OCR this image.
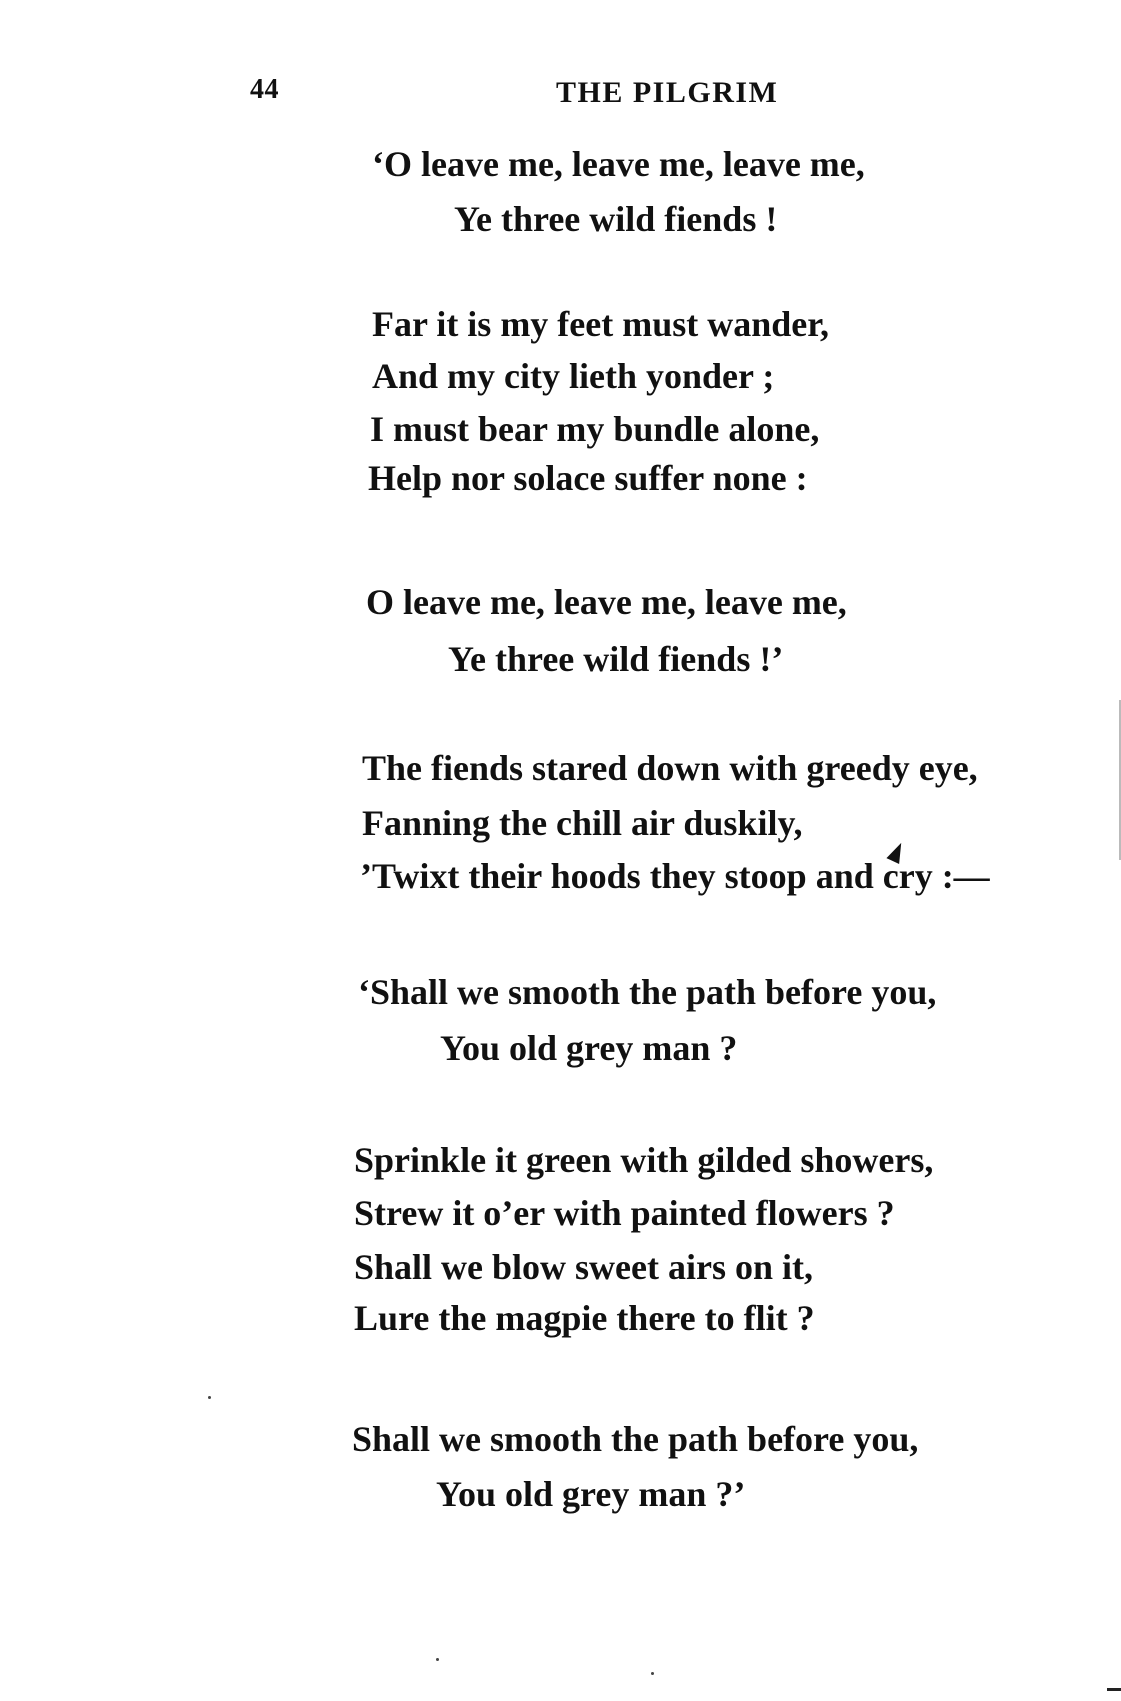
44	THE PILGRIM
‘O leave me, leave me, leave me,
Ye three wild fiends !
Far it is my feet must wander,
And my city lieth yonder ;
I must bear my bundle alone,
Help nor solace suffer none :
O leave me, leave me, leave me,
Ye three wild fiends !’
The fiends stared down with greedy eye,
Fanning the chill air duskily,
’Twixt their hoods they stoop and cry :—
‘Shall we smooth the path before you,
You old grey man ?
Sprinkle it green with gilded showers,
Strew it o’er with painted flowers ?
Shall we blow sweet airs on it,
Lure the magpie there to flit ?
Shall we smooth the path before you,
You old grey man ?’
